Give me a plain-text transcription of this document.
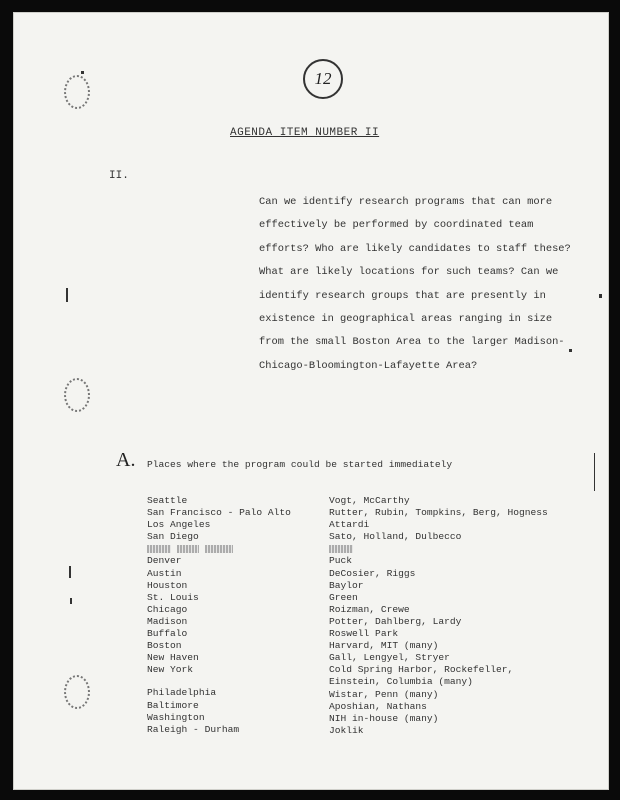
12
AGENDA ITEM NUMBER II
II.
Can we identify research programs that can more
effectively be performed by coordinated team
efforts? Who are likely candidates to staff these?
What are likely locations for such teams? Can we
identify research groups that are presently in
existence in geographical areas ranging in size
from the small Boston Area to the larger Madison-
Chicago-Bloomington-Lafayette Area?
A. Places where the program could be started immediately
Seattle
San Francisco - Palo Alto
Los Angeles
San Diego
Denver
Austin
Houston
St. Louis
Chicago
Madison
Buffalo
Boston
New Haven
New York
Philadelphia
Baltimore
Washington
Raleigh - Durham
Vogt, McCarthy
Rutter, Rubin, Tompkins, Berg, Hogness
Attardi
Sato, Holland, Dulbecco
Puck
DeCosier, Riggs
Baylor
Green
Roizman, Crewe
Potter, Dahlberg, Lardy
Roswell Park
Harvard, MIT (many)
Gall, Lengyel, Stryer
Cold Spring Harbor, Rockefeller,
Einstein, Columbia (many)
Wistar, Penn (many)
Aposhian, Nathans
NIH in-house (many)
Joklik
